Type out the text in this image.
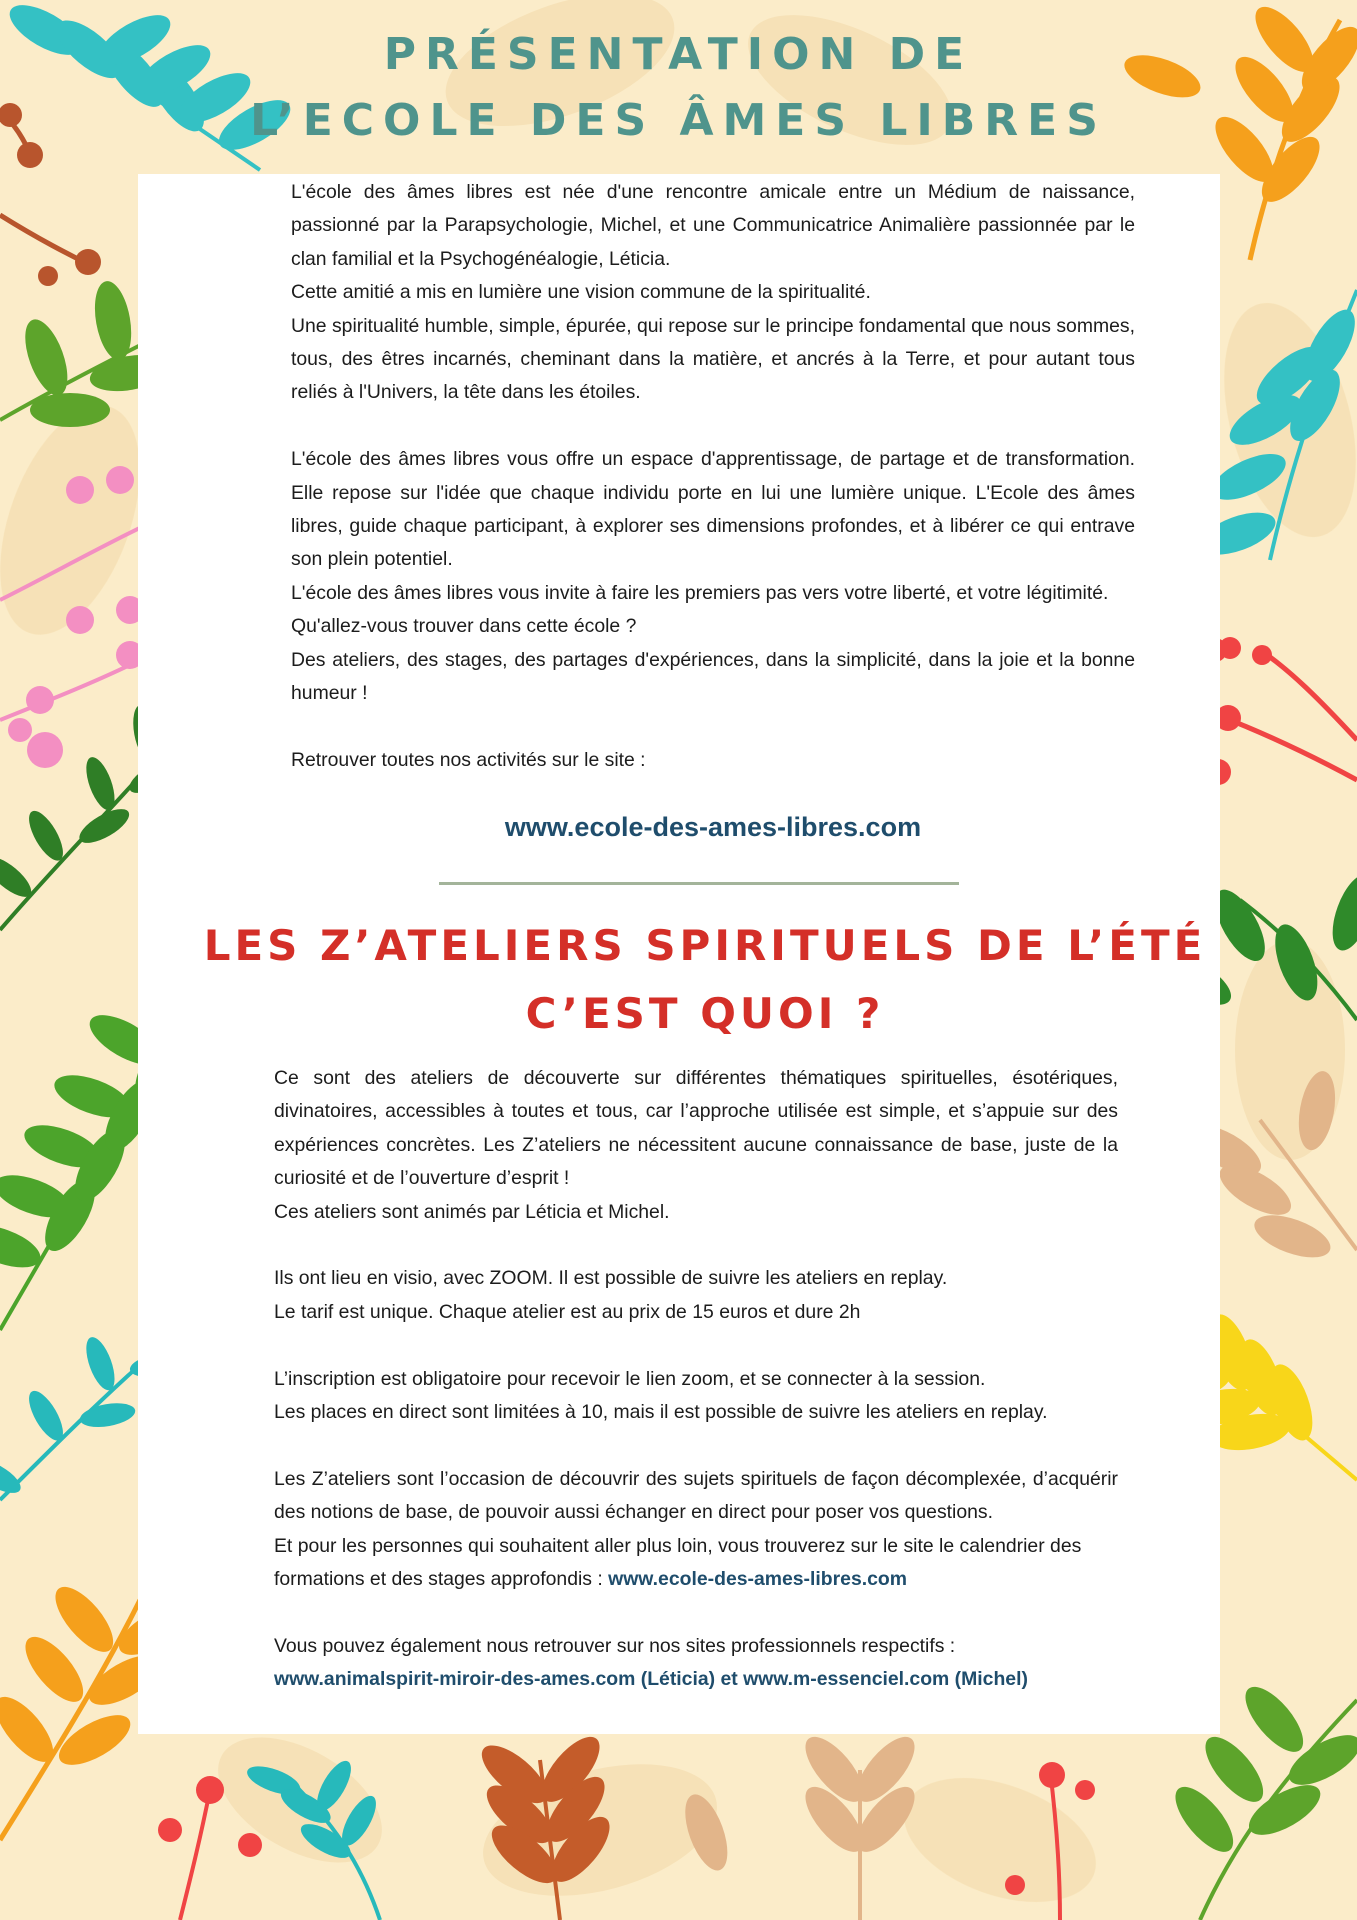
PRÉSENTATION DE
L’ECOLE DES ÂMES LIBRES

L'école des âmes libres est née d'une rencontre amicale entre un Médium de naissance, passionné par la Parapsychologie, Michel, et une Communicatrice Animalière passionnée par le clan familial et la Psychogénéalogie, Léticia.

Cette amitié a mis en lumière une vision commune de la spiritualité.

Une spiritualité humble, simple, épurée, qui repose sur le principe fondamental que nous sommes, tous, des êtres incarnés, cheminant dans la matière, et ancrés à la Terre, et pour autant tous reliés à l'Univers, la tête dans les étoiles.

L'école des âmes libres vous offre un espace d'apprentissage, de partage et de transformation. Elle repose sur l'idée que chaque individu porte en lui une lumière unique. L'Ecole des âmes libres, guide chaque participant, à explorer ses dimensions profondes, et à libérer ce qui entrave son plein potentiel.

L'école des âmes libres vous invite à faire les premiers pas vers votre liberté, et votre légitimité.

Qu'allez-vous trouver dans cette école ?

Des ateliers, des stages, des partages d'expériences, dans la simplicité, dans la joie et la bonne humeur !

Retrouver toutes nos activités sur le site :

www.ecole-des-ames-libres.com
LES Z’ATELIERS SPIRITUELS DE L’ÉTÉ
C’EST QUOI ?

Ce sont des ateliers de découverte sur différentes thématiques spirituelles, ésotériques, divinatoires, accessibles à toutes et tous, car l’approche utilisée est simple, et s’appuie sur des expériences concrètes. Les Z’ateliers ne nécessitent aucune connaissance de base, juste de la curiosité et de l’ouverture d’esprit !

Ces ateliers sont animés par Léticia et Michel.

Ils ont lieu en visio, avec ZOOM. Il est possible de suivre les ateliers en replay.

Le tarif est unique. Chaque atelier est au prix de 15 euros et dure 2h

L’inscription est obligatoire pour recevoir le lien zoom, et se connecter à la session.

Les places en direct sont limitées à 10, mais il est possible de suivre les ateliers en replay.

Les Z’ateliers sont l’occasion de découvrir des sujets spirituels de façon décomplexée, d’acquérir des notions de base, de pouvoir aussi échanger en direct pour poser vos questions.

Et pour les personnes qui souhaitent aller plus loin, vous trouverez sur le site le calendrier des formations et des stages approfondis : www.ecole-des-ames-libres.com

Vous pouvez également nous retrouver sur nos sites professionnels respectifs :

www.animalspirit-miroir-des-ames.com (Léticia) et www.m-essenciel.com (Michel)
